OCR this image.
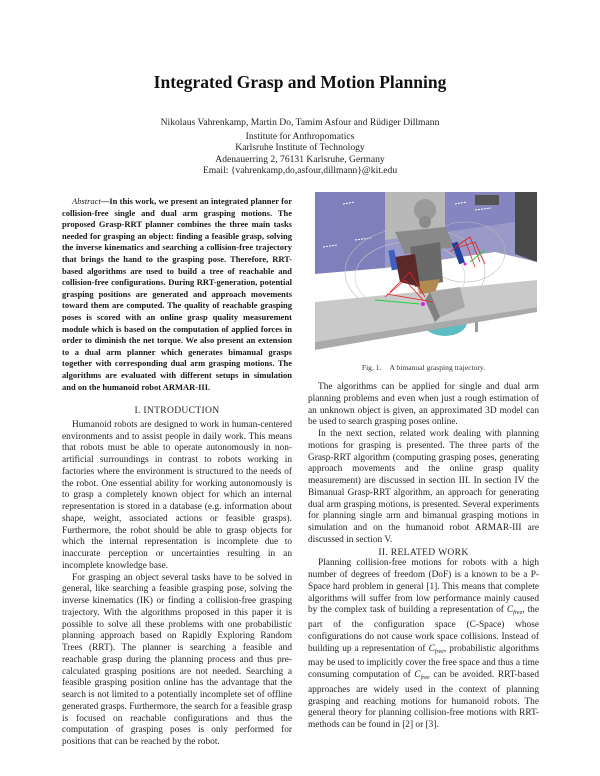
Integrated Grasp and Motion Planning
Nikolaus Vahrenkamp, Martin Do, Tamim Asfour and Rüdiger Dillmann
Institute for Anthropomatics
Karlsruhe Institute of Technology
Adenauerring 2, 76131 Karlsruhe, Germany
Email: {vahrenkamp,do,asfour,dillmann}@kit.edu
Abstract—In this work, we present an integrated planner for collision-free single and dual arm grasping motions. The proposed Grasp-RRT planner combines the three main tasks needed for grasping an object: finding a feasible grasp, solving the inverse kinematics and searching a collision-free trajectory that brings the hand to the grasping pose. Therefore, RRT-based algorithms are used to build a tree of reachable and collision-free configurations. During RRT-generation, potential grasping positions are generated and approach movements toward them are computed. The quality of reachable grasping poses is scored with an online grasp quality measurement module which is based on the computation of applied forces in order to diminish the net torque. We also present an extension to a dual arm planner which generates bimanual grasps together with corresponding dual arm grasping motions. The algorithms are evaluated with different setups in simulation and on the humanoid robot ARMAR-III.
I. INTRODUCTION

Humanoid robots are designed to work in human-centered environments and to assist people in daily work. This means that robots must be able to operate autonomously in non-artificial surroundings in contrast to robots working in factories where the environment is structured to the needs of the robot. One essential ability for working autonomously is to grasp a completely known object for which an internal representation is stored in a database (e.g. information about shape, weight, associated actions or feasible grasps). Furthermore, the robot should be able to grasp objects for which the internal representation is incomplete due to inaccurate perception or uncertainties resulting in an incomplete knowledge base.

For grasping an object several tasks have to be solved in general, like searching a feasible grasping pose, solving the inverse kinematics (IK) or finding a collision-free grasping trajectory. With the algorithms proposed in this paper it is possible to solve all these problems with one probabilistic planning approach based on Rapidly Exploring Random Trees (RRT). The planner is searching a feasible and reachable grasp during the planning process and thus pre-calculated grasping positions are not needed. Searching a feasible grasping position online has the advantage that the search is not limited to a potentially incomplete set of offline generated grasps. Furthermore, the search for a feasible grasp is focused on reachable configurations and thus the computation of grasping poses is only performed for positions that can be reached by the robot.

Fig. 1. A bimanual grasping trajectory.

The algorithms can be applied for single and dual arm planning problems and even when just a rough estimation of an unknown object is given, an approximated 3D model can be used to search grasping poses online.

In the next section, related work dealing with planning motions for grasping is presented. The three parts of the Grasp-RRT algorithm (computing grasping poses, generating approach movements and the online grasp quality measurement) are discussed in section III. In section IV the Bimanual Grasp-RRT algorithm, an approach for generating dual arm grasping motions, is presented. Several experiments for planning single arm and bimanual grasping motions in simulation and on the humanoid robot ARMAR-III are discussed in section V.

II. RELATED WORK

Planning collision-free motions for robots with a high number of degrees of freedom (DoF) is a known to be a P-Space hard problem in general [1]. This means that complete algorithms will suffer from low performance mainly caused by the complex task of building a representation of $C_{free}$, the part of the configuration space (C-Space) whose configurations do not cause work space collisions. Instead of building up a representation of $C_{free}$, probabilistic algorithms may be used to implicitly cover the free space and thus a time consuming computation of $C_{free}$ can be avoided. RRT-based approaches are widely used in the context of planning grasping and reaching motions for humanoid robots. The general theory for planning collision-free motions with RRT-methods can be found in [2] or [3].
